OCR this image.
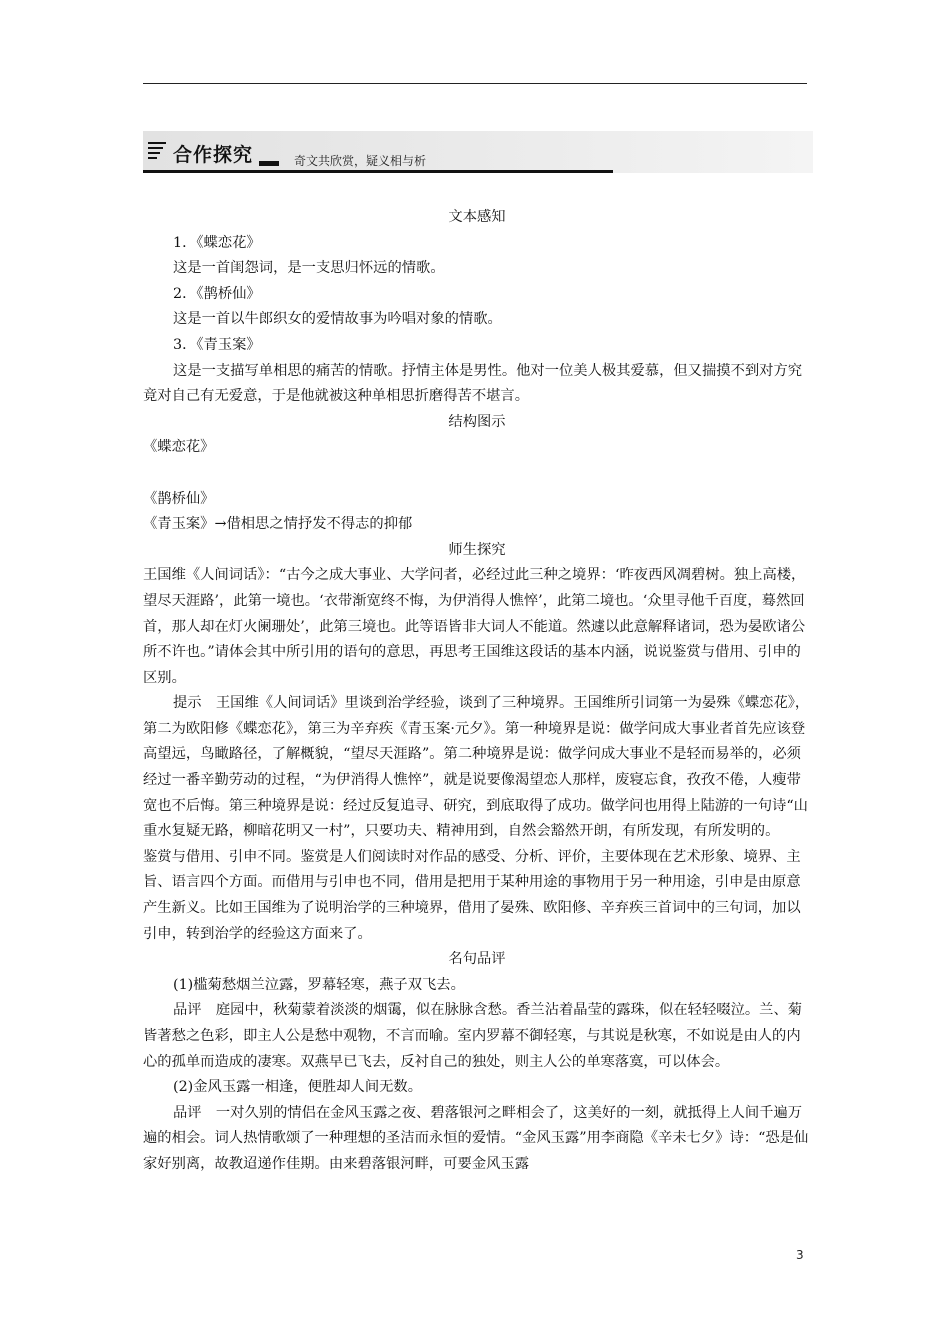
合作探究	奇文共欣赏，疑义相与析

文本感知

1．《蝶恋花》

这是一首闺怨词，是一支思归怀远的情歌。

2．《鹊桥仙》

这是一首以牛郎织女的爱情故事为吟唱对象的情歌。

3．《青玉案》

这是一支描写单相思的痛苦的情歌。抒情主体是男性。他对一位美人极其爱慕，但又揣摸不到对方究竟对自己有无爱意，于是他就被这种单相思折磨得苦不堪言。

结构图示

《蝶恋花》

《鹊桥仙》

《青玉案》→借相思之情抒发不得志的抑郁

师生探究

王国维《人间词话》：“古今之成大事业、大学问者，必经过此三种之境界：‘昨夜西风凋碧树。独上高楼，望尽天涯路’，此第一境也。‘衣带渐宽终不悔，为伊消得人憔悴’，此第二境也。‘众里寻他千百度，蓦然回首，那人却在灯火阑珊处’，此第三境也。此等语皆非大词人不能道。然遽以此意解释诸词，恐为晏欧诸公所不许也。”请体会其中所引用的语句的意思，再思考王国维这段话的基本内涵，说说鉴赏与借用、引申的区别。

提示　王国维《人间词话》里谈到治学经验，谈到了三种境界。王国维所引词第一为晏殊《蝶恋花》，第二为欧阳修《蝶恋花》，第三为辛弃疾《青玉案·元夕》。第一种境界是说：做学问成大事业者首先应该登高望远，鸟瞰路径，了解概貌，“望尽天涯路”。第二种境界是说：做学问成大事业不是轻而易举的，必须经过一番辛勤劳动的过程，“为伊消得人憔悴”，就是说要像渴望恋人那样，废寝忘食，孜孜不倦，人瘦带宽也不后悔。第三种境界是说：经过反复追寻、研究，到底取得了成功。做学问也用得上陆游的一句诗“山重水复疑无路，柳暗花明又一村”，只要功夫、精神用到，自然会豁然开朗，有所发现，有所发明的。

鉴赏与借用、引申不同。鉴赏是人们阅读时对作品的感受、分析、评价，主要体现在艺术形象、境界、主旨、语言四个方面。而借用与引申也不同，借用是把用于某种用途的事物用于另一种用途，引申是由原意产生新义。比如王国维为了说明治学的三种境界，借用了晏殊、欧阳修、辛弃疾三首词中的三句词，加以引申，转到治学的经验这方面来了。

名句品评

(1)槛菊愁烟兰泣露，罗幕轻寒，燕子双飞去。

品评　庭园中，秋菊蒙着淡淡的烟霭，似在脉脉含愁。香兰沾着晶莹的露珠，似在轻轻啜泣。兰、菊皆著愁之色彩，即主人公是愁中观物，不言而喻。室内罗幕不御轻寒，与其说是秋寒，不如说是由人的内心的孤单而造成的凄寒。双燕早已飞去，反衬自己的独处，则主人公的单寒落寞，可以体会。

(2)金风玉露一相逢，便胜却人间无数。

品评　一对久别的情侣在金风玉露之夜、碧落银河之畔相会了，这美好的一刻，就抵得上人间千遍万遍的相会。词人热情歌颂了一种理想的圣洁而永恒的爱情。“金风玉露”用李商隐《辛未七夕》诗：“恐是仙家好别离，故教迢递作佳期。由来碧落银河畔，可要金风玉露

3
